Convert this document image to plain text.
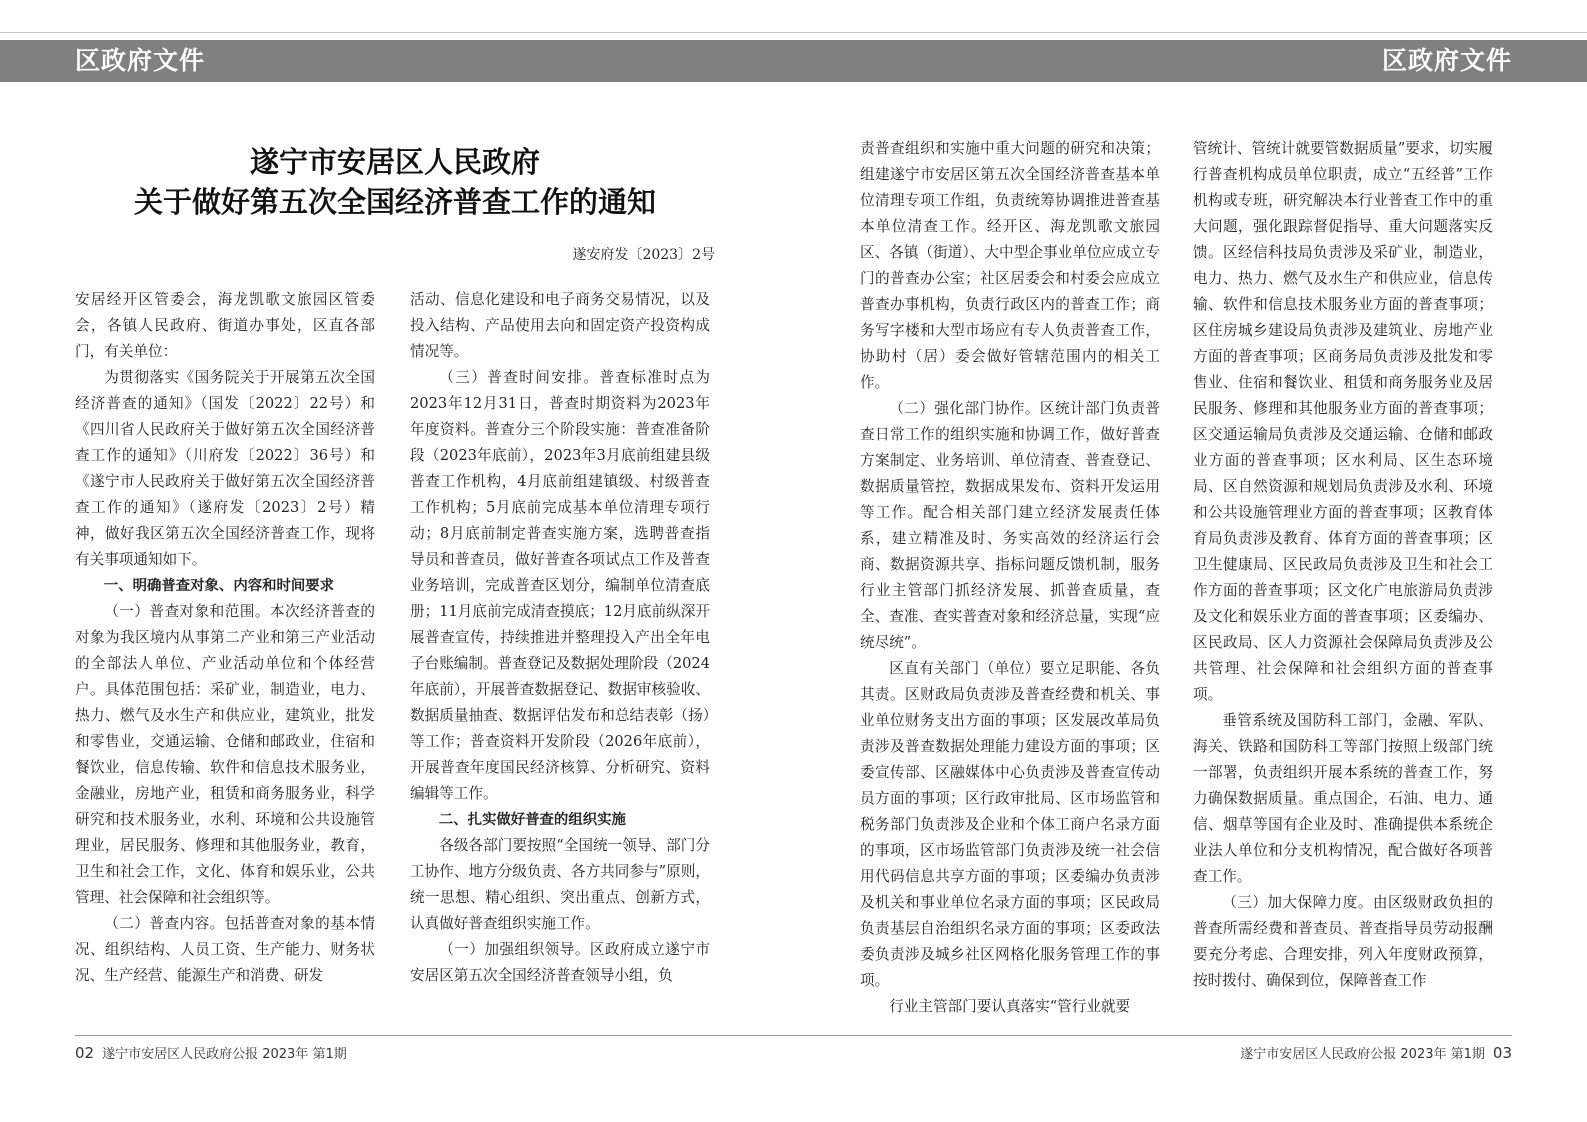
区政府文件	区政府文件
遂宁市安居区人民政府
关于做好第五次全国经济普查工作的通知
遂安府发〔2023〕2号

安居经开区管委会，海龙凯歌文旅园区管委会，各镇人民政府、街道办事处，区直各部门，有关单位：

为贯彻落实《国务院关于开展第五次全国经济普查的通知》（国发〔2022〕22号）和《四川省人民政府关于做好第五次全国经济普查工作的通知》（川府发〔2022〕36号）和《遂宁市人民政府关于做好第五次全国经济普查工作的通知》（遂府发〔2023〕2号）精神，做好我区第五次全国经济普查工作，现将有关事项通知如下。

一、明确普查对象、内容和时间要求

（一）普查对象和范围。本次经济普查的对象为我区境内从事第二产业和第三产业活动的全部法人单位、产业活动单位和个体经营户。具体范围包括：采矿业，制造业，电力、热力、燃气及水生产和供应业，建筑业，批发和零售业，交通运输、仓储和邮政业，住宿和餐饮业，信息传输、软件和信息技术服务业，金融业，房地产业，租赁和商务服务业，科学研究和技术服务业，水利、环境和公共设施管理业，居民服务、修理和其他服务业，教育，卫生和社会工作，文化、体育和娱乐业，公共管理、社会保障和社会组织等。

（二）普查内容。包括普查对象的基本情况、组织结构、人员工资、生产能力、财务状况、生产经营、能源生产和消费、研发

活动、信息化建设和电子商务交易情况，以及投入结构、产品使用去向和固定资产投资构成情况等。

（三）普查时间安排。普查标准时点为2023年12月31日，普查时期资料为2023年年度资料。普查分三个阶段实施：普查准备阶段（2023年底前），2023年3月底前组建县级普查工作机构，4月底前组建镇级、村级普查工作机构；5月底前完成基本单位清理专项行动；8月底前制定普查实施方案，选聘普查指导员和普查员，做好普查各项试点工作及普查业务培训，完成普查区划分，编制单位清查底册；11月底前完成清查摸底；12月底前纵深开展普查宣传，持续推进并整理投入产出全年电子台账编制。普查登记及数据处理阶段（2024年底前），开展普查数据登记、数据审核验收、数据质量抽查、数据评估发布和总结表彰（扬）等工作；普查资料开发阶段（2026年底前），开展普查年度国民经济核算、分析研究、资料编辑等工作。

二、扎实做好普查的组织实施

各级各部门要按照“全国统一领导、部门分工协作、地方分级负责、各方共同参与”原则，统一思想、精心组织、突出重点、创新方式，认真做好普查组织实施工作。

（一）加强组织领导。区政府成立遂宁市安居区第五次全国经济普查领导小组，负

责普查组织和实施中重大问题的研究和决策；组建遂宁市安居区第五次全国经济普查基本单位清理专项工作组，负责统筹协调推进普查基本单位清查工作。经开区、海龙凯歌文旅园区、各镇（街道）、大中型企事业单位应成立专门的普查办公室；社区居委会和村委会应成立普查办事机构，负责行政区内的普查工作；商务写字楼和大型市场应有专人负责普查工作，协助村（居）委会做好管辖范围内的相关工作。

（二）强化部门协作。区统计部门负责普查日常工作的组织实施和协调工作，做好普查方案制定、业务培训、单位清查、普查登记、数据质量管控，数据成果发布、资料开发运用等工作。配合相关部门建立经济发展责任体系，建立精准及时、务实高效的经济运行会商、数据资源共享、指标问题反馈机制，服务行业主管部门抓经济发展、抓普查质量，查全、查准、查实普查对象和经济总量，实现“应统尽统”。

区直有关部门（单位）要立足职能、各负其责。区财政局负责涉及普查经费和机关、事业单位财务支出方面的事项；区发展改革局负责涉及普查数据处理能力建设方面的事项；区委宣传部、区融媒体中心负责涉及普查宣传动员方面的事项；区行政审批局、区市场监管和税务部门负责涉及企业和个体工商户名录方面的事项，区市场监管部门负责涉及统一社会信用代码信息共享方面的事项；区委编办负责涉及机关和事业单位名录方面的事项；区民政局负责基层自治组织名录方面的事项；区委政法委负责涉及城乡社区网格化服务管理工作的事项。

行业主管部门要认真落实“管行业就要

管统计、管统计就要管数据质量”要求，切实履行普查机构成员单位职责，成立“五经普”工作机构或专班，研究解决本行业普查工作中的重大问题，强化跟踪督促指导、重大问题落实反馈。区经信科技局负责涉及采矿业，制造业，电力、热力、燃气及水生产和供应业，信息传输、软件和信息技术服务业方面的普查事项；区住房城乡建设局负责涉及建筑业、房地产业方面的普查事项；区商务局负责涉及批发和零售业、住宿和餐饮业、租赁和商务服务业及居民服务、修理和其他服务业方面的普查事项；区交通运输局负责涉及交通运输、仓储和邮政业方面的普查事项；区水利局、区生态环境局、区自然资源和规划局负责涉及水利、环境和公共设施管理业方面的普查事项；区教育体育局负责涉及教育、体育方面的普查事项；区卫生健康局、区民政局负责涉及卫生和社会工作方面的普查事项；区文化广电旅游局负责涉及文化和娱乐业方面的普查事项；区委编办、区民政局、区人力资源社会保障局负责涉及公共管理、社会保障和社会组织方面的普查事项。

垂管系统及国防科工部门，金融、军队、海关、铁路和国防科工等部门按照上级部门统一部署，负责组织开展本系统的普查工作，努力确保数据质量。重点国企，石油、电力、通信、烟草等国有企业及时、准确提供本系统企业法人单位和分支机构情况，配合做好各项普查工作。

（三）加大保障力度。由区级财政负担的普查所需经费和普查员、普查指导员劳动报酬要充分考虑、合理安排，列入年度财政预算，按时拨付、确保到位，保障普查工作

02 遂宁市安居区人民政府公报 2023年 第1期	遂宁市安居区人民政府公报 2023年 第1期 03
